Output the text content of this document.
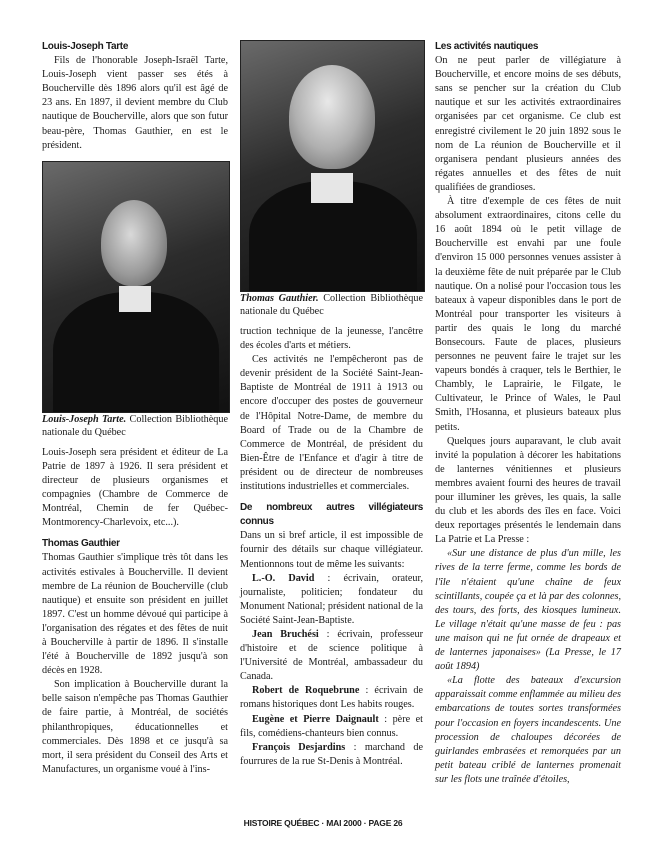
Louis-Joseph Tarte

Fils de l'honorable Joseph-Israël Tarte, Louis-Joseph vient passer ses étés à Boucherville dès 1896 alors qu'il est âgé de 23 ans. En 1897, il devient membre du Club nautique de Boucherville, alors que son futur beau-père, Thomas Gauthier, en est le président.

Louis-Joseph Tarte. Collection Bibliothèque nationale du Québec

Louis-Joseph sera président et éditeur de La Patrie de 1897 à 1926. Il sera président et directeur de plusieurs organismes et compagnies (Chambre de Commerce de Montréal, Chemin de fer Québec-Montmorency-Charlevoix, etc...).

Thomas Gauthier

Thomas Gauthier s'implique très tôt dans les activités estivales à Boucherville. Il devient membre de La réunion de Boucherville (club nautique) et ensuite son président en juillet 1897. C'est un homme dévoué qui participe à l'organisation des régates et des fêtes de nuit à Boucherville à partir de 1896. Il s'installe l'été à Boucherville de 1892 jusqu'à son décès en 1928.

Son implication à Boucherville durant la belle saison n'empêche pas Thomas Gauthier de faire partie, à Montréal, de sociétés philanthropiques, éducationnelles et commerciales. Dès 1898 et ce jusqu'à sa mort, il sera président du Conseil des Arts et Manufactures, un organisme voué à l'ins-

Thomas Gauthier. Collection Bibliothèque nationale du Québec

truction technique de la jeunesse, l'ancêtre des écoles d'arts et métiers.

Ces activités ne l'empêcheront pas de devenir président de la Société Saint-Jean-Baptiste de Montréal de 1911 à 1913 ou encore d'occuper des postes de gouverneur de l'Hôpital Notre-Dame, de membre du Board of Trade ou de la Chambre de Commerce de Montréal, de président du Bien-Être de l'Enfance et d'agir à titre de président ou de directeur de nombreuses institutions industrielles et commerciales.

De nombreux autres villégiateurs connus

Dans un si bref article, il est impossible de fournir des détails sur chaque villégiateur. Mentionnons tout de même les suivants:

L.-O. David : écrivain, orateur, journaliste, politicien; fondateur du Monument National; président national de la Société Saint-Jean-Baptiste.

Jean Bruchési : écrivain, professeur d'histoire et de science politique à l'Université de Montréal, ambassadeur du Canada.

Robert de Roquebrune : écrivain de romans historiques dont Les habits rouges.

Eugène et Pierre Daignault : père et fils, comédiens-chanteurs bien connus.

François Desjardins : marchand de fourrures de la rue St-Denis à Montréal.

Les activités nautiques

On ne peut parler de villégiature à Boucherville, et encore moins de ses débuts, sans se pencher sur la création du Club nautique et sur les activités extraordinaires organisées par cet organisme. Ce club est enregistré civilement le 20 juin 1892 sous le nom de La réunion de Boucherville et il organisera pendant plusieurs années des régates annuelles et des fêtes de nuit qualifiées de grandioses.

À titre d'exemple de ces fêtes de nuit absolument extraordinaires, citons celle du 16 août 1894 où le petit village de Boucherville est envahi par une foule d'environ 15 000 personnes venues assister à la deuxième fête de nuit préparée par le Club nautique. On a nolisé pour l'occasion tous les bateaux à vapeur disponibles dans le port de Montréal pour transporter les visiteurs à partir des quais le long du marché Bonsecours. Faute de places, plusieurs personnes ne peuvent faire le trajet sur les vapeurs bondés à craquer, tels le Berthier, le Chambly, le Laprairie, le Filgate, le Cultivateur, le Prince of Wales, le Paul Smith, l'Hosanna, et plusieurs bateaux plus petits.

Quelques jours auparavant, le club avait invité la population à décorer les habitations de lanternes vénitiennes et plusieurs membres avaient fourni des heures de travail pour illuminer les grèves, les quais, la salle du club et les abords des îles en face. Voici deux reportages présentés le lendemain dans La Patrie et La Presse :

«Sur une distance de plus d'un mille, les rives de la terre ferme, comme les bords de l'île n'étaient qu'une chaîne de feux scintillants, coupée ça et là par des colonnes, des tours, des forts, des kiosques lumineux. Le village n'était qu'une masse de feu : pas une maison qui ne fut ornée de drapeaux et de lanternes japonaises» (La Presse, le 17 août 1894)

«La flotte des bateaux d'excursion apparaissait comme enflammée au milieu des embarcations de toutes sortes transformées pour l'occasion en foyers incandescents. Une procession de chaloupes décorées de guirlandes embrasées et remorquées par un petit bateau criblé de lanternes promenait sur les flots une traînée d'étoiles,

HISTOIRE QUÉBEC · MAI 2000 · PAGE 26
